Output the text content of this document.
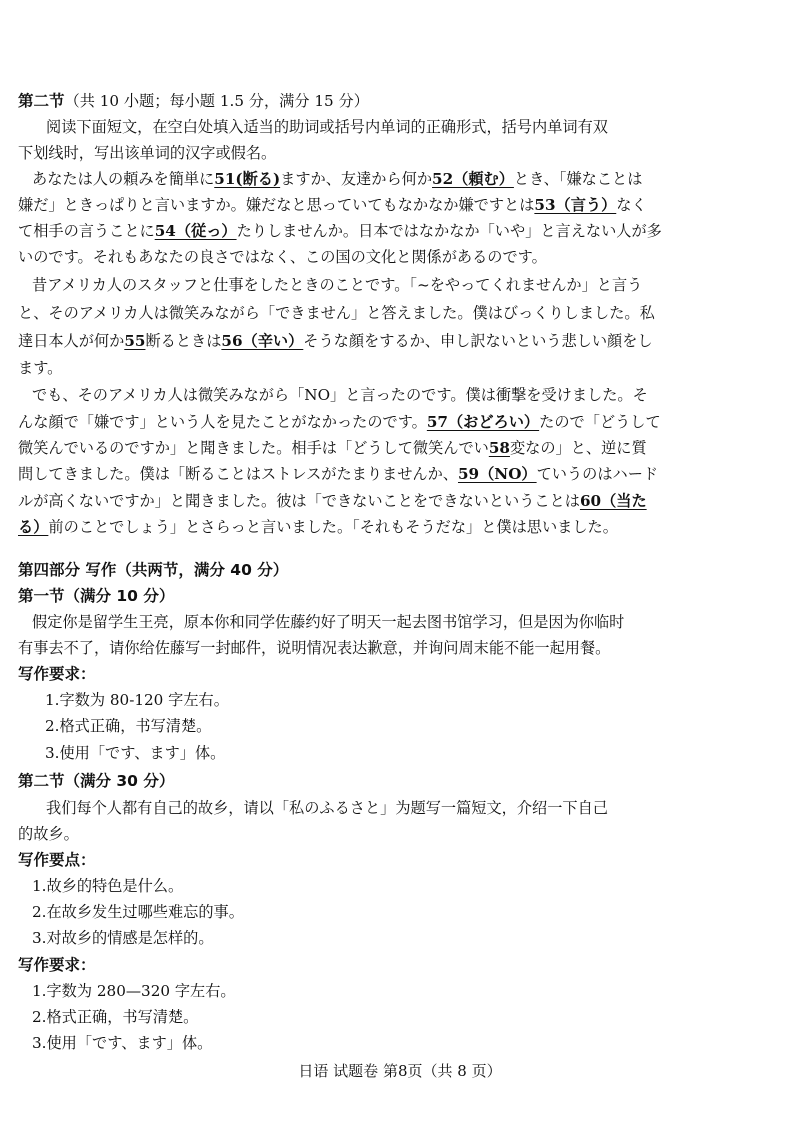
第二节（共 10 小题；每小题 1.5 分，满分 15 分）
阅读下面短文，在空白处填入适当的助词或括号内单词的正确形式，括号内单词有双
下划线时，写出该单词的汉字或假名。
あなたは人の頼みを簡単に51(断る)ますか、友達から何か52（頼む）とき、「嫌なことは
嫌だ」ときっぱりと言いますか。嫌だなと思っていてもなかなか嫌ですとは53（言う）なく
て相手の言うことに54（従っ）たりしませんか。日本ではなかなか「いや」と言えない人が多
いのです。それもあなたの良さではなく、この国の文化と関係があるのです。
昔アメリカ人のスタッフと仕事をしたときのことです。「~をやってくれませんか」と言う
と、そのアメリカ人は微笑みながら「できません」と答えました。僕はびっくりしました。私
達日本人が何か55断るときは56（辛い）そうな顔をするか、申し訳ないという悲しい顔をし
ます。
でも、そのアメリカ人は微笑みながら「NO」と言ったのです。僕は衝撃を受けました。そ
んな顔で「嫌です」という人を見たことがなかったのです。57（おどろい）たので「どうして
微笑んでいるのですか」と聞きました。相手は「どうして微笑んでい58変なの」と、逆に質
問してきました。僕は「断ることはストレスがたまりませんか、59（NO）ていうのはハード
ルが高くないですか」と聞きました。彼は「できないことをできないということは60（当た
る）前のことでしょう」とさらっと言いました。「それもそうだな」と僕は思いました。
第四部分 写作（共两节，满分 40 分）
第一节（满分 10 分）
假定你是留学生王亮，原本你和同学佐藤约好了明天一起去图书馆学习，但是因为你临时
有事去不了，请你给佐藤写一封邮件，说明情况表达歉意，并询问周末能不能一起用餐。
写作要求：
1.字数为 80-120 字左右。
2.格式正确，书写清楚。
3.使用「です、ます」体。
第二节（满分 30 分）
我们每个人都有自己的故乡，请以「私のふるさと」为题写一篇短文，介绍一下自己
的故乡。
写作要点：
1.故乡的特色是什么。
2.在故乡发生过哪些难忘的事。
3.对故乡的情感是怎样的。
写作要求：
1.字数为 280—320 字左右。
2.格式正确，书写清楚。
3.使用「です、ます」体。
日语 试题卷 第8页（共 8 页）
